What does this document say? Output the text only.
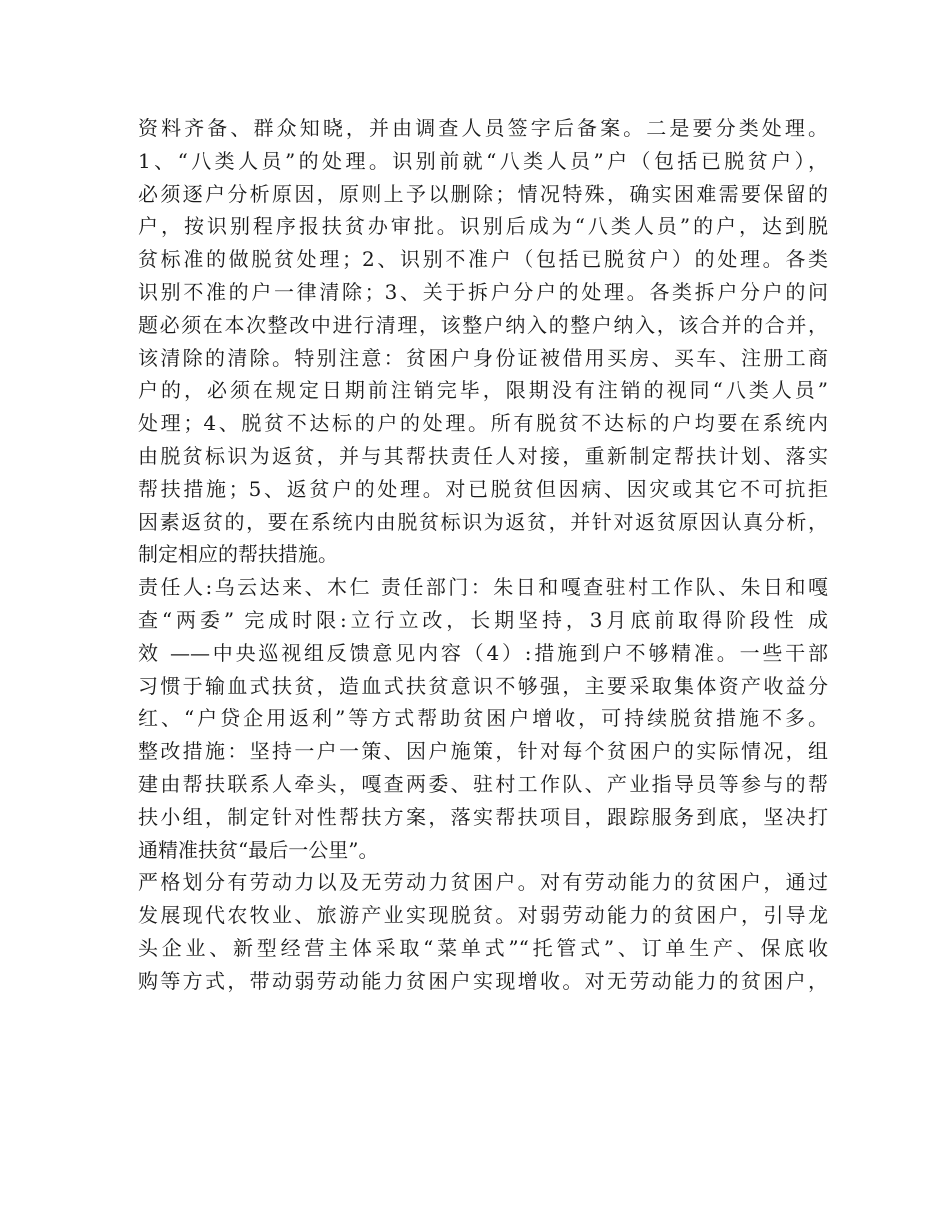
资料齐备、群众知晓，并由调查人员签字后备案。二是要分类处理。
1、“八类人员”的处理。识别前就“八类人员”户（包括已脱贫户），
必须逐户分析原因，原则上予以删除；情况特殊，确实困难需要保留的
户，按识别程序报扶贫办审批。识别后成为“八类人员”的户，达到脱
贫标准的做脱贫处理；2、识别不准户（包括已脱贫户）的处理。各类
识别不准的户一律清除；3、关于拆户分户的处理。各类拆户分户的问
题必须在本次整改中进行清理，该整户纳入的整户纳入，该合并的合并，
该清除的清除。特别注意：贫困户身份证被借用买房、买车、注册工商
户的，必须在规定日期前注销完毕，限期没有注销的视同“八类人员”
处理；4、脱贫不达标的户的处理。所有脱贫不达标的户均要在系统内
由脱贫标识为返贫，并与其帮扶责任人对接，重新制定帮扶计划、落实
帮扶措施；5、返贫户的处理。对已脱贫但因病、因灾或其它不可抗拒
因素返贫的，要在系统内由脱贫标识为返贫，并针对返贫原因认真分析，
制定相应的帮扶措施。
责任人:乌云达来、木仁 责任部门：朱日和嘎查驻村工作队、朱日和嘎
查“两委” 完成时限:立行立改，长期坚持，3月底前取得阶段性 成
效 ——中央巡视组反馈意见内容（4）:措施到户不够精准。一些干部
习惯于输血式扶贫，造血式扶贫意识不够强，主要采取集体资产收益分
红、“户贷企用返利”等方式帮助贫困户增收，可持续脱贫措施不多。
整改措施：坚持一户一策、因户施策，针对每个贫困户的实际情况，组
建由帮扶联系人牵头，嘎查两委、驻村工作队、产业指导员等参与的帮
扶小组，制定针对性帮扶方案，落实帮扶项目，跟踪服务到底，坚决打
通精准扶贫“最后一公里”。
严格划分有劳动力以及无劳动力贫困户。对有劳动能力的贫困户，通过
发展现代农牧业、旅游产业实现脱贫。对弱劳动能力的贫困户，引导龙
头企业、新型经营主体采取“菜单式”“托管式”、订单生产、保底收
购等方式，带动弱劳动能力贫困户实现增收。对无劳动能力的贫困户，
